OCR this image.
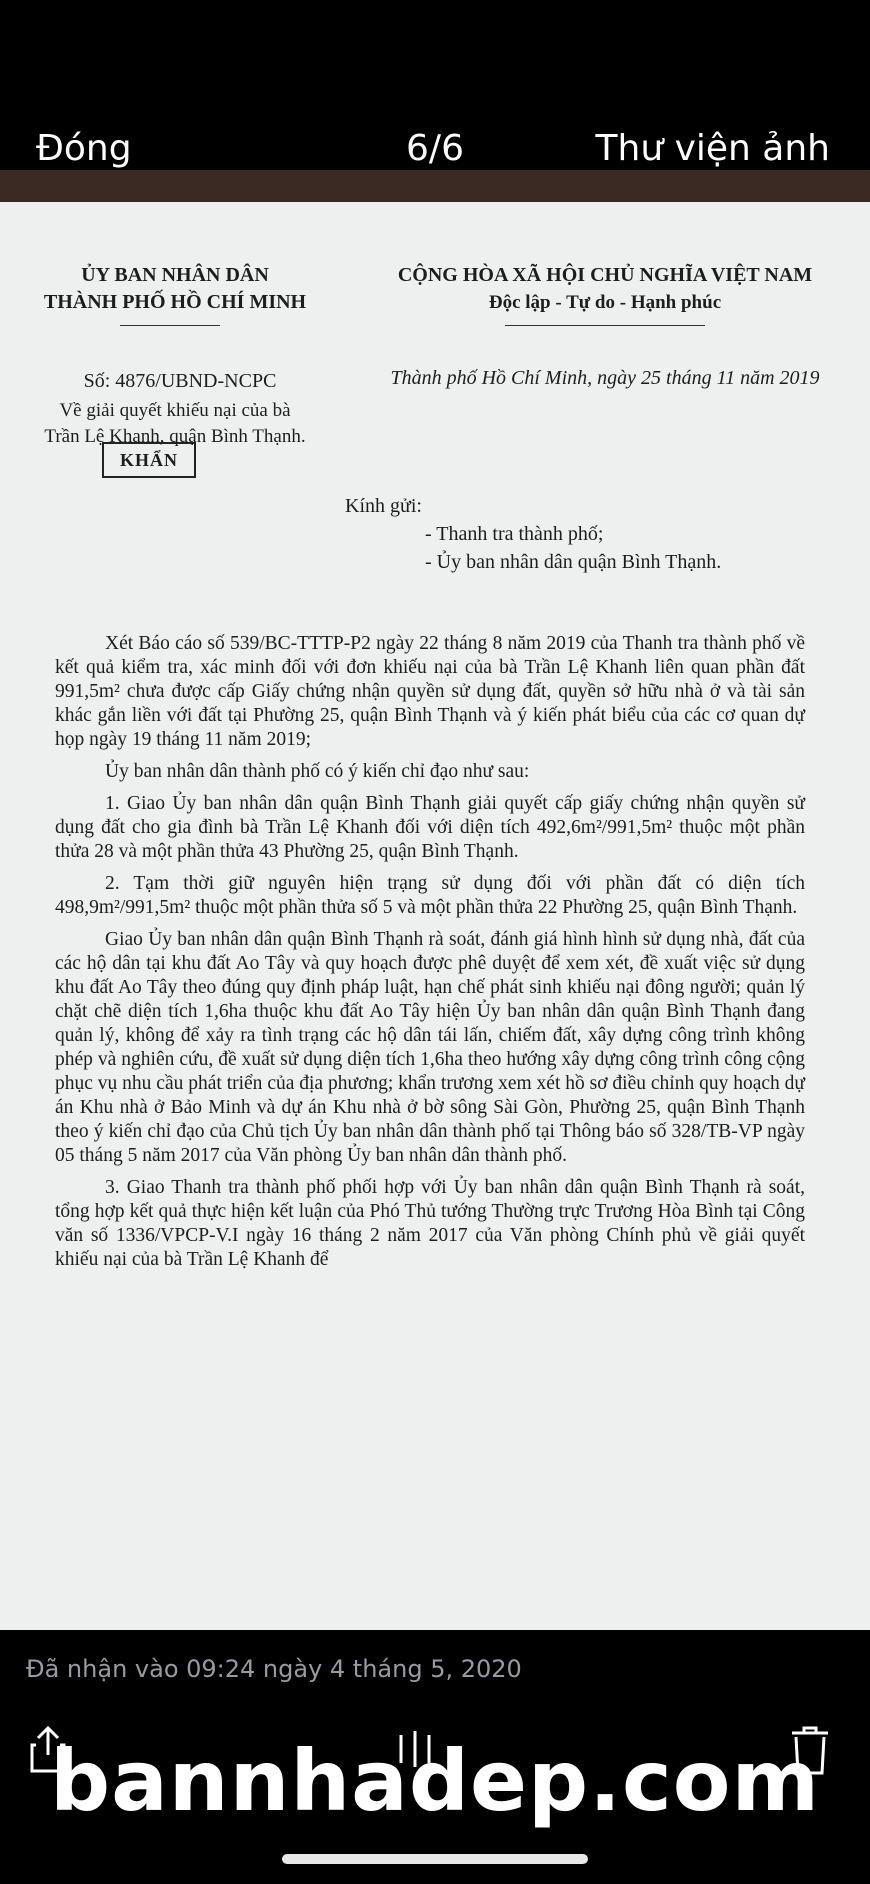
Đóng	6/6	Thư viện ảnh
ỦY BAN NHÂN DÂN
THÀNH PHỐ HỒ CHÍ MINH
CỘNG HÒA XÃ HỘI CHỦ NGHĨA VIỆT NAM
Độc lập - Tự do - Hạnh phúc
Số: 4876/UBND-NCPC	Thành phố Hồ Chí Minh, ngày 25 tháng 11 năm 2019
Về giải quyết khiếu nại của bà
Trần Lệ Khanh, quận Bình Thạnh.
KHẨN
Kính gửi:
- Thanh tra thành phố;
- Ủy ban nhân dân quận Bình Thạnh.

Xét Báo cáo số 539/BC-TTTP-P2 ngày 22 tháng 8 năm 2019 của Thanh tra thành phố về kết quả kiểm tra, xác minh đối với đơn khiếu nại của bà Trần Lệ Khanh liên quan phần đất 991,5m² chưa được cấp Giấy chứng nhận quyền sử dụng đất, quyền sở hữu nhà ở và tài sản khác gắn liền với đất tại Phường 25, quận Bình Thạnh và ý kiến phát biểu của các cơ quan dự họp ngày 19 tháng 11 năm 2019;

Ủy ban nhân dân thành phố có ý kiến chỉ đạo như sau:

1. Giao Ủy ban nhân dân quận Bình Thạnh giải quyết cấp giấy chứng nhận quyền sử dụng đất cho gia đình bà Trần Lệ Khanh đối với diện tích 492,6m²/991,5m² thuộc một phần thửa 28 và một phần thửa 43 Phường 25, quận Bình Thạnh.

2. Tạm thời giữ nguyên hiện trạng sử dụng đối với phần đất có diện tích 498,9m²/991,5m² thuộc một phần thửa số 5 và một phần thửa 22 Phường 25, quận Bình Thạnh.

Giao Ủy ban nhân dân quận Bình Thạnh rà soát, đánh giá hình hình sử dụng nhà, đất của các hộ dân tại khu đất Ao Tây và quy hoạch được phê duyệt để xem xét, đề xuất việc sử dụng khu đất Ao Tây theo đúng quy định pháp luật, hạn chế phát sinh khiếu nại đông người; quản lý chặt chẽ diện tích 1,6ha thuộc khu đất Ao Tây hiện Ủy ban nhân dân quận Bình Thạnh đang quản lý, không để xảy ra tình trạng các hộ dân tái lấn, chiếm đất, xây dựng công trình không phép và nghiên cứu, đề xuất sử dụng diện tích 1,6ha theo hướng xây dựng công trình công cộng phục vụ nhu cầu phát triển của địa phương; khẩn trương xem xét hồ sơ điều chỉnh quy hoạch dự án Khu nhà ở Bảo Minh và dự án Khu nhà ở bờ sông Sài Gòn, Phường 25, quận Bình Thạnh theo ý kiến chỉ đạo của Chủ tịch Ủy ban nhân dân thành phố tại Thông báo số 328/TB-VP ngày 05 tháng 5 năm 2017 của Văn phòng Ủy ban nhân dân thành phố.

3. Giao Thanh tra thành phố phối hợp với Ủy ban nhân dân quận Bình Thạnh rà soát, tổng hợp kết quả thực hiện kết luận của Phó Thủ tướng Thường trực Trương Hòa Bình tại Công văn số 1336/VPCP-V.I ngày 16 tháng 2 năm 2017 của Văn phòng Chính phủ về giải quyết khiếu nại của bà Trần Lệ Khanh để

Đã nhận vào 09:24 ngày 4 tháng 5, 2020
bannhadep.com
